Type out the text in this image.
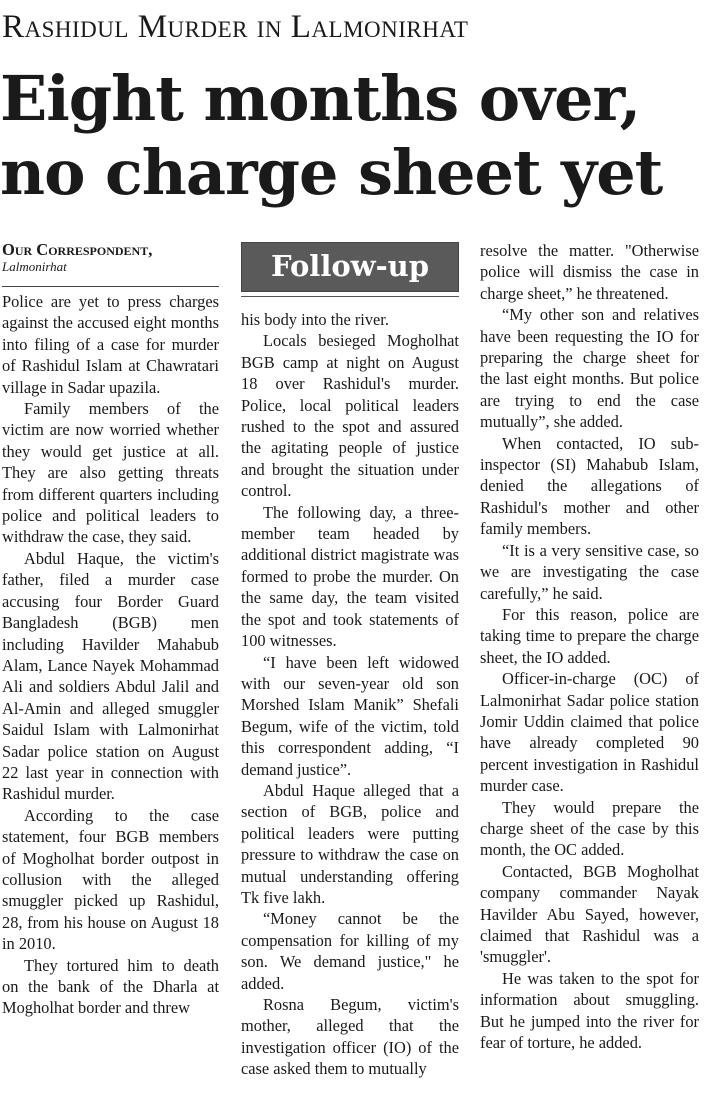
Rashidul Murder in Lalmonirhat
Eight months over, no charge sheet yet
Our Correspondent,
Lalmonirhat

Police are yet to press charges against the accused eight months into filing of a case for murder of Rashidul Islam at Chawratari village in Sadar upazila.

Family members of the victim are now worried whether they would get justice at all. They are also getting threats from different quarters including police and political leaders to withdraw the case, they said.

Abdul Haque, the victim's father, filed a murder case accusing four Border Guard Bangladesh (BGB) men including Havilder Mahabub Alam, Lance Nayek Mohammad Ali and soldiers Abdul Jalil and Al-Amin and alleged smuggler Saidul Islam with Lalmonirhat Sadar police station on August 22 last year in connection with Rashidul murder.

According to the case statement, four BGB members of Mogholhat border outpost in collusion with the alleged smuggler picked up Rashidul, 28, from his house on August 18 in 2010.

They tortured him to death on the bank of the Dharla at Mogholhat border and threw

Follow-up

his body into the river.

Locals besieged Mogholhat BGB camp at night on August 18 over Rashidul's murder. Police, local political leaders rushed to the spot and assured the agitating people of justice and brought the situation under control.

The following day, a three-member team headed by additional district magistrate was formed to probe the murder. On the same day, the team visited the spot and took statements of 100 witnesses.

“I have been left widowed with our seven-year old son Morshed Islam Manik” Shefali Begum, wife of the victim, told this correspondent adding, “I demand justice”.

Abdul Haque alleged that a section of BGB, police and political leaders were putting pressure to withdraw the case on mutual understanding offering Tk five lakh.

“Money cannot be the compensation for killing of my son. We demand justice," he added.

Rosna Begum, victim's mother, alleged that the investigation officer (IO) of the case asked them to mutually

resolve the matter. "Otherwise police will dismiss the case in charge sheet,” he threatened.

“My other son and relatives have been requesting the IO for preparing the charge sheet for the last eight months. But police are trying to end the case mutually”, she added.

When contacted, IO sub-inspector (SI) Mahabub Islam, denied the allegations of Rashidul's mother and other family members.

“It is a very sensitive case, so we are investigating the case carefully,” he said.

For this reason, police are taking time to prepare the charge sheet, the IO added.

Officer-in-charge (OC) of Lalmonirhat Sadar police station Jomir Uddin claimed that police have already completed 90 percent investigation in Rashidul murder case.

They would prepare the charge sheet of the case by this month, the OC added.

Contacted, BGB Mogholhat company commander Nayak Havilder Abu Sayed, however, claimed that Rashidul was a 'smuggler'.

He was taken to the spot for information about smuggling. But he jumped into the river for fear of torture, he added.
